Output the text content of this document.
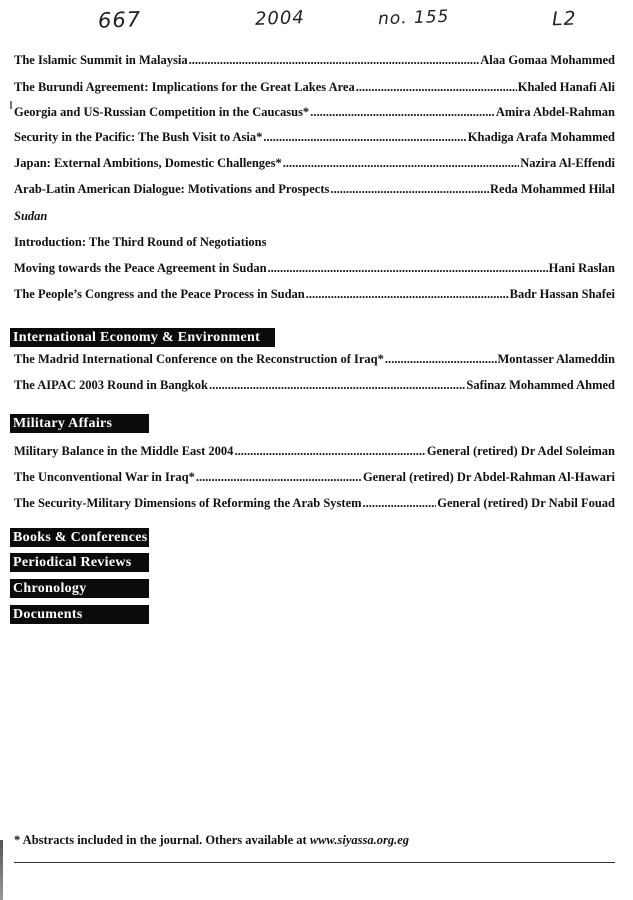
667	2004	no. 155	L2
The Islamic Summit in Malaysia .....	Alaa Gomaa Mohammed
The Burundi Agreement: Implications for the Great Lakes Area .....	Khaled Hanafi Ali
Georgia and US-Russian Competition in the Caucasus* .....	Amira Abdel-Rahman
Security in the Pacific: The Bush Visit to Asia* .....	Khadiga Arafa Mohammed
Japan: External Ambitions, Domestic Challenges* .....	Nazira Al-Effendi
Arab-Latin American Dialogue: Motivations and Prospects .....	Reda Mohammed Hilal
Sudan
Introduction: The Third Round of Negotiations
Moving towards the Peace Agreement in Sudan .....	Hani Raslan
The People’s Congress and the Peace Process in Sudan .....	Badr Hassan Shafei
International Economy & Environment
The Madrid International Conference on the Reconstruction of Iraq* .....	Montasser Alameddin
The AIPAC 2003 Round in Bangkok .....	Safinaz Mohammed Ahmed
Military Affairs
Military Balance in the Middle East 2004 .....	General (retired) Dr Adel Soleiman
The Unconventional War in Iraq* .....	General (retired) Dr Abdel-Rahman Al-Hawari
The Security-Military Dimensions of Reforming the Arab System .....	General (retired) Dr Nabil Fouad
Books & Conferences
Periodical Reviews
Chronology
Documents
* Abstracts included in the journal. Others available at www.siyassa.org.eg
